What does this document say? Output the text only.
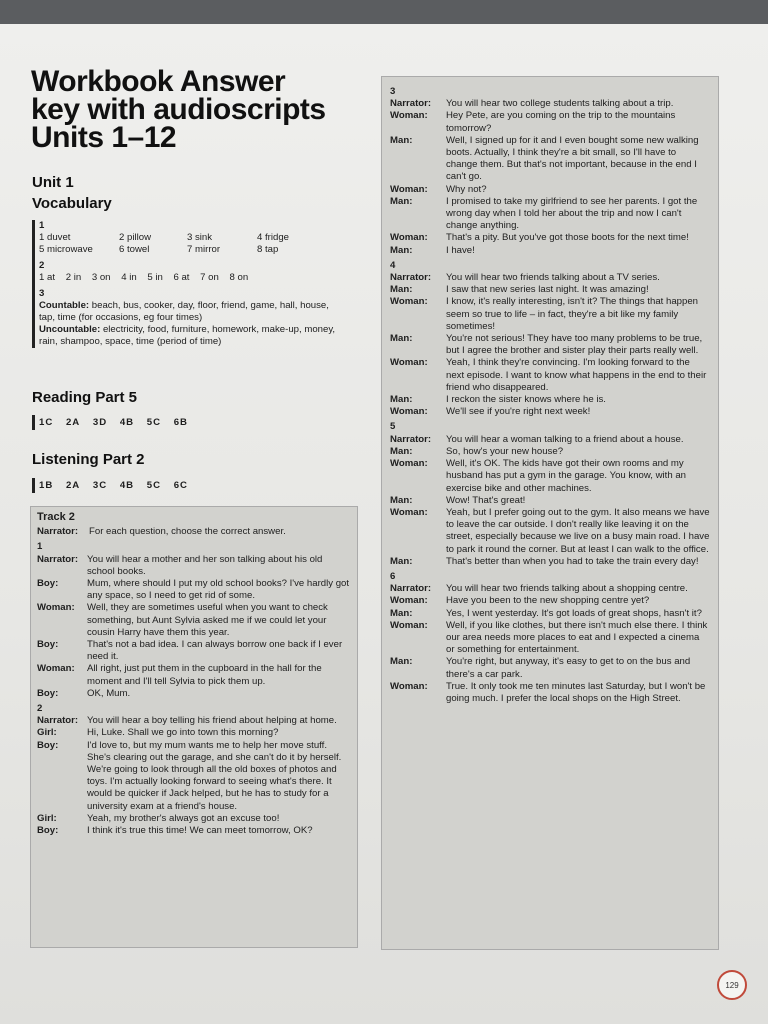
Workbook Answer
key with audioscripts
Units 1–12
Unit 1
Vocabulary
1
1 duvet	2 pillow	3 sink	4 fridge
5 microwave	6 towel	7 mirror	8 tap
2
1 at 2 in 3 on 4 in 5 in 6 at 7 on 8 on
3
Countable: beach, bus, cooker, day, floor, friend, game, hall, house, tap, time (for occasions, eg four times)
Uncountable: electricity, food, furniture, homework, make-up, money, rain, shampoo, space, time (period of time)
Reading Part 5
1C 2A 3D 4B 5C 6B
Listening Part 2
1B 2A 3C 4B 5C 6C
Track 2
Narrator:	For each question, choose the correct answer.
1
Narrator: You will hear a mother and her son talking about his old school books.
Boy:	Mum, where should I put my old school books? I've hardly got any space, so I need to get rid of some.
Woman:	Well, they are sometimes useful when you want to check something, but Aunt Sylvia asked me if we could let your cousin Harry have them this year.
Boy:	That's not a bad idea. I can always borrow one back if I ever need it.
Woman:	All right, just put them in the cupboard in the hall for the moment and I'll tell Sylvia to pick them up.
Boy:	OK, Mum.
2
Narrator: You will hear a boy telling his friend about helping at home.
Girl:	Hi, Luke. Shall we go into town this morning?
Boy:	I'd love to, but my mum wants me to help her move stuff. She's clearing out the garage, and she can't do it by herself. We're going to look through all the old boxes of photos and toys. I'm actually looking forward to seeing what's there. It would be quicker if Jack helped, but he has to study for a university exam at a friend's house.
Girl:	Yeah, my brother's always got an excuse too!
Boy:	I think it's true this time! We can meet tomorrow, OK?
3
Narrator:	You will hear two college students talking about a trip.
Woman:	Hey Pete, are you coming on the trip to the mountains tomorrow?
Man:	Well, I signed up for it and I even bought some new walking boots. Actually, I think they're a bit small, so I'll have to change them. But that's not important, because in the end I can't go.
Woman:	Why not?
Man:	I promised to take my girlfriend to see her parents. I got the wrong day when I told her about the trip and now I can't change anything.
Woman:	That's a pity. But you've got those boots for the next time!
Man:	I have!
4
Narrator:	You will hear two friends talking about a TV series.
Man:	I saw that new series last night. It was amazing!
Woman:	I know, it's really interesting, isn't it? The things that happen seem so true to life – in fact, they're a bit like my family sometimes!
Man:	You're not serious! They have too many problems to be true, but I agree the brother and sister play their parts really well.
Woman:	Yeah, I think they're convincing. I'm looking forward to the next episode. I want to know what happens in the end to their friend who disappeared.
Man:	I reckon the sister knows where he is.
Woman:	We'll see if you're right next week!
5
Narrator:	You will hear a woman talking to a friend about a house.
Man:	So, how's your new house?
Woman:	Well, it's OK. The kids have got their own rooms and my husband has put a gym in the garage. You know, with an exercise bike and other machines.
Man:	Wow! That's great!
Woman:	Yeah, but I prefer going out to the gym. It also means we have to leave the car outside. I don't really like leaving it on the street, especially because we live on a busy main road. I have to park it round the corner. But at least I can walk to the office.
Man:	That's better than when you had to take the train every day!
6
Narrator:	You will hear two friends talking about a shopping centre.
Woman:	Have you been to the new shopping centre yet?
Man:	Yes, I went yesterday. It's got loads of great shops, hasn't it?
Woman:	Well, if you like clothes, but there isn't much else there. I think our area needs more places to eat and I expected a cinema or something for entertainment.
Man:	You're right, but anyway, it's easy to get to on the bus and there's a car park.
Woman:	True. It only took me ten minutes last Saturday, but I won't be going much. I prefer the local shops on the High Street.
129
